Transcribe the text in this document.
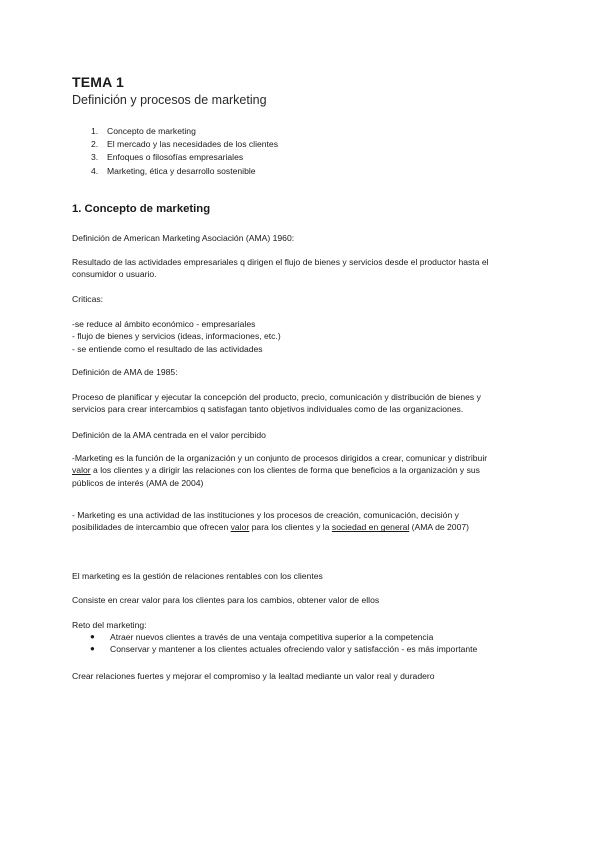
TEMA 1
Definición y procesos de marketing
1.	Concepto de marketing
2.	El mercado y las necesidades de los clientes
3.	Enfoques o filosofías empresariales
4.	Marketing, ética y desarrollo sostenible
1. Concepto de marketing
Definición de American Marketing Asociación (AMA) 1960:
Resultado de las actividades empresariales q dirigen el flujo de bienes y servicios desde el productor hasta el
consumidor o usuario.
Criticas:
-se reduce al ámbito económico - empresariales
- flujo de bienes y servicios (ideas, informaciones, etc.)
- se entiende como el resultado de las actividades
Definición de AMA de 1985:
Proceso de planificar y ejecutar la concepción del producto, precio, comunicación y distribución de bienes y
servicios para crear intercambios q satisfagan tanto objetivos individuales como de las organizaciones.
Definición de la AMA centrada en el valor percibido
-Marketing es la función de la organización y un conjunto de procesos dirigidos a crear, comunicar y distribuir
valor a los clientes y a dirigir las relaciones con los clientes de forma que beneficios a la organización y sus
públicos de interés (AMA de 2004)
- Marketing es una actividad de las instituciones y los procesos de creación, comunicación, decisión y
posibilidades de intercambio que ofrecen valor para los clientes y la sociedad en general (AMA de 2007)
El marketing es la gestión de relaciones rentables con los clientes
Consiste en crear valor para los clientes para los cambios, obtener valor de ellos
Reto del marketing:
●	Atraer nuevos clientes a través de una ventaja competitiva superior a la competencia
●	Conservar y mantener a los clientes actuales ofreciendo valor y satisfacción - es más importante
Crear relaciones fuertes y mejorar el compromiso y la lealtad mediante un valor real y duradero
